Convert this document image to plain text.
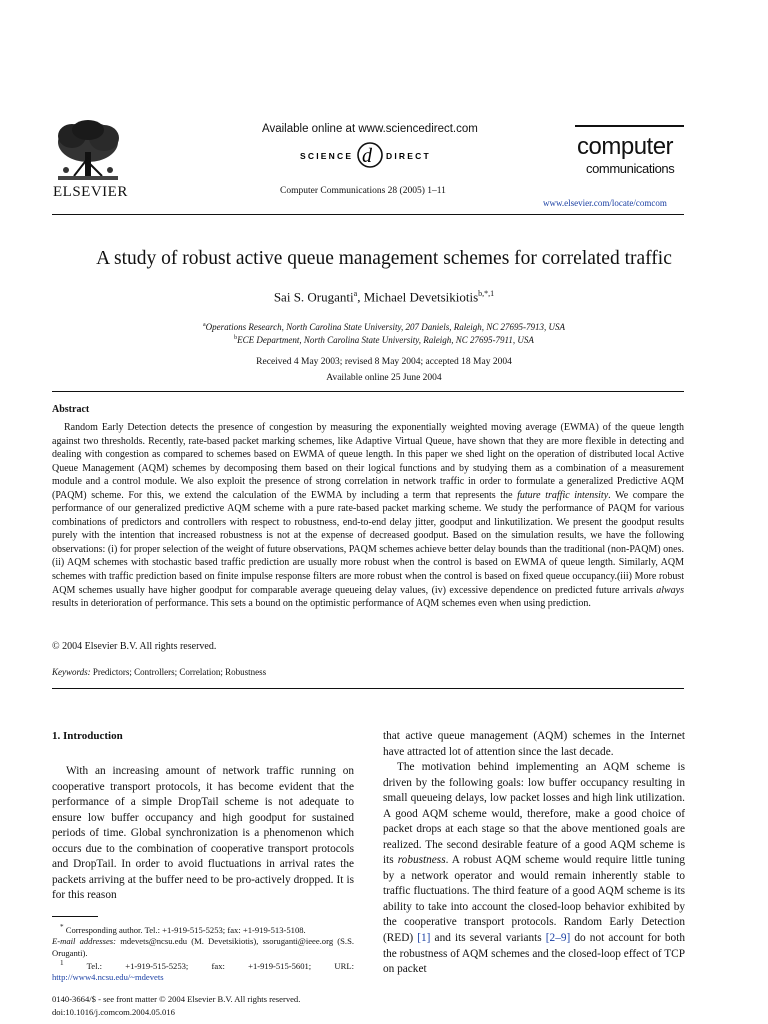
ELSEVIER
Available online at www.sciencedirect.com
SCIENCE d DIRECT
Computer Communications 28 (2005) 1–11
computer
communications
www.elsevier.com/locate/comcom
A study of robust active queue management schemes for correlated traffic
Sai S. Oruganti$^a$, Michael Devetsikiotis$^{b,*,1}$
$^a$Operations Research, North Carolina State University, 207 Daniels, Raleigh, NC 27695-7913, USA
$^b$ECE Department, North Carolina State University, Raleigh, NC 27695-7911, USA
Received 4 May 2003; revised 8 May 2004; accepted 18 May 2004
Available online 25 June 2004
Abstract
Random Early Detection detects the presence of congestion by measuring the exponentially weighted moving average (EWMA) of the queue length against two thresholds. Recently, rate-based packet marking schemes, like Adaptive Virtual Queue, have shown that they are more flexible in detecting and dealing with congestion as compared to schemes based on EWMA of queue length. In this paper we shed light on the operation of distributed local Active Queue Management (AQM) schemes by decomposing them based on their logical functions and by studying them as a combination of a measurement module and a control module. We also exploit the presence of strong correlation in network traffic in order to formulate a generalized Predictive AQM (PAQM) scheme. For this, we extend the calculation of the EWMA by including a term that represents the future traffic intensity. We compare the performance of our generalized predictive AQM scheme with a pure rate-based packet marking scheme. We study the performance of PAQM for various combinations of predictors and controllers with respect to robustness, end-to-end delay jitter, goodput and linkutilization. We present the goodput results purely with the intention that increased robustness is not at the expense of decreased goodput. Based on the simulation results, we have the following observations: (i) for proper selection of the weight of future observations, PAQM schemes achieve better delay bounds than the traditional (non-PAQM) ones. (ii) AQM schemes with stochastic based traffic prediction are usually more robust when the control is based on EWMA of queue length. Similarly, AQM schemes with traffic prediction based on finite impulse response filters are more robust when the control is based on fixed queue occupancy.(iii) More robust AQM schemes usually have higher goodput for comparable average queueing delay values, (iv) excessive dependence on predicted future arrivals always results in deterioration of performance. This sets a bound on the optimistic performance of AQM schemes even when using prediction.
© 2004 Elsevier B.V. All rights reserved.
Keywords: Predictors; Controllers; Correlation; Robustness
1. Introduction
With an increasing amount of network traffic running on cooperative transport protocols, it has become evident that the performance of a simple DropTail scheme is not adequate to ensure low buffer occupancy and high goodput for sustained periods of time. Global synchronization is a phenomenon which occurs due to the combination of cooperative transport protocols and DropTail. In order to avoid fluctuations in arrival rates the packets arriving at the buffer need to be pro-actively dropped. It is for this reason
that active queue management (AQM) schemes in the Internet have attracted lot of attention since the last decade.
The motivation behind implementing an AQM scheme is driven by the following goals: low buffer occupancy resulting in small queueing delays, low packet losses and high link utilization. A good AQM scheme would, therefore, make a good choice of packet drops at each stage so that the above mentioned goals are realized. The second desirable feature of a good AQM scheme is its robustness. A robust AQM scheme would require little tuning by a network operator and would remain inherently stable to traffic fluctuations. The third feature of a good AQM scheme is its ability to take into account the closed-loop behavior exhibited by the cooperative transport protocols. Random Early Detection (RED) [1] and its several variants [2–9] do not account for both the robustness of AQM schemes and the closed-loop effect of TCP on packet
* Corresponding author. Tel.: +1-919-515-5253; fax: +1-919-513-5108.
E-mail addresses: mdevets@ncsu.edu (M. Devetsikiotis), ssoruganti@ieee.org (S.S. Oruganti).
$^1$ Tel.: +1-919-515-5253; fax: +1-919-515-5601; URL: http://www4.ncsu.edu/~mdevets
0140-3664/$ - see front matter © 2004 Elsevier B.V. All rights reserved.
doi:10.1016/j.comcom.2004.05.016
